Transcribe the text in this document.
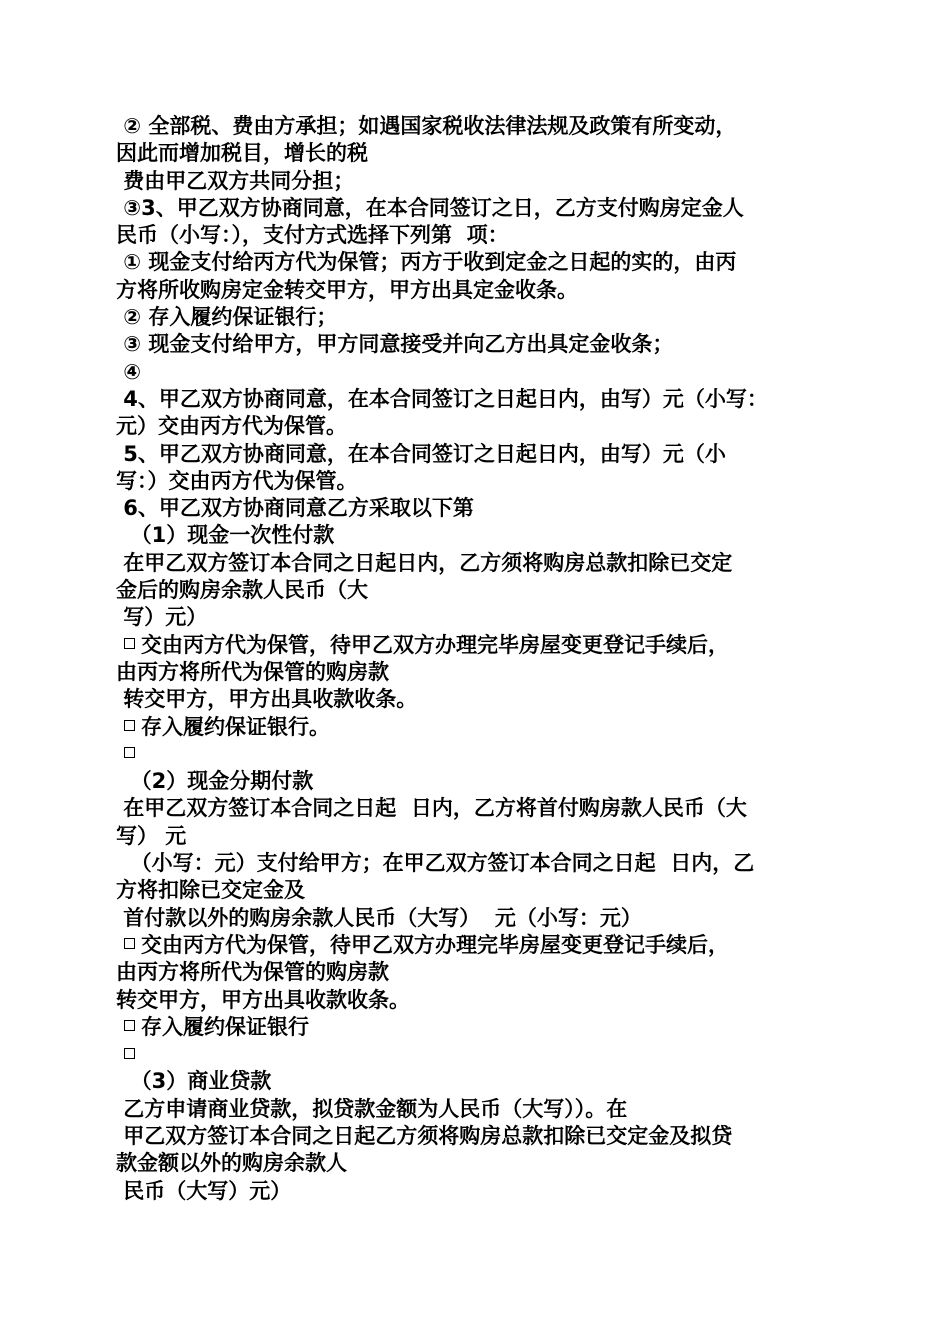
② 全部税、费由方承担；如遇国家税收法律法规及政策有所变动，
因此而增加税目，增长的税
费由甲乙双方共同分担；
③3、甲乙双方协商同意，在本合同签订之日，乙方支付购房定金人
民币（小写：），支付方式选择下列第  项：
① 现金支付给丙方代为保管；丙方于收到定金之日起的实的，由丙
方将所收购房定金转交甲方，甲方出具定金收条。
② 存入履约保证银行；
③ 现金支付给甲方，甲方同意接受并向乙方出具定金收条；
④
4、甲乙双方协商同意，在本合同签订之日起日内，由写）元（小写：
元）交由丙方代为保管。
5、甲乙双方协商同意，在本合同签订之日起日内，由写）元（小
写：）交由丙方代为保管。
6、甲乙双方协商同意乙方采取以下第
（1）现金一次性付款
在甲乙双方签订本合同之日起日内，乙方须将购房总款扣除已交定
金后的购房余款人民币（大
写）元）
交由丙方代为保管，待甲乙双方办理完毕房屋变更登记手续后，
由丙方将所代为保管的购房款
转交甲方，甲方出具收款收条。
存入履约保证银行。
（2）现金分期付款
在甲乙双方签订本合同之日起  日内，乙方将首付购房款人民币（大
写） 元
（小写：元）支付给甲方；在甲乙双方签订本合同之日起  日内，乙
方将扣除已交定金及
首付款以外的购房余款人民币（大写）  元（小写：元）
交由丙方代为保管，待甲乙双方办理完毕房屋变更登记手续后，
由丙方将所代为保管的购房款
转交甲方，甲方出具收款收条。
存入履约保证银行
（3）商业贷款
乙方申请商业贷款，拟贷款金额为人民币（大写））。在
甲乙双方签订本合同之日起乙方须将购房总款扣除已交定金及拟贷
款金额以外的购房余款人
民币（大写）元）
